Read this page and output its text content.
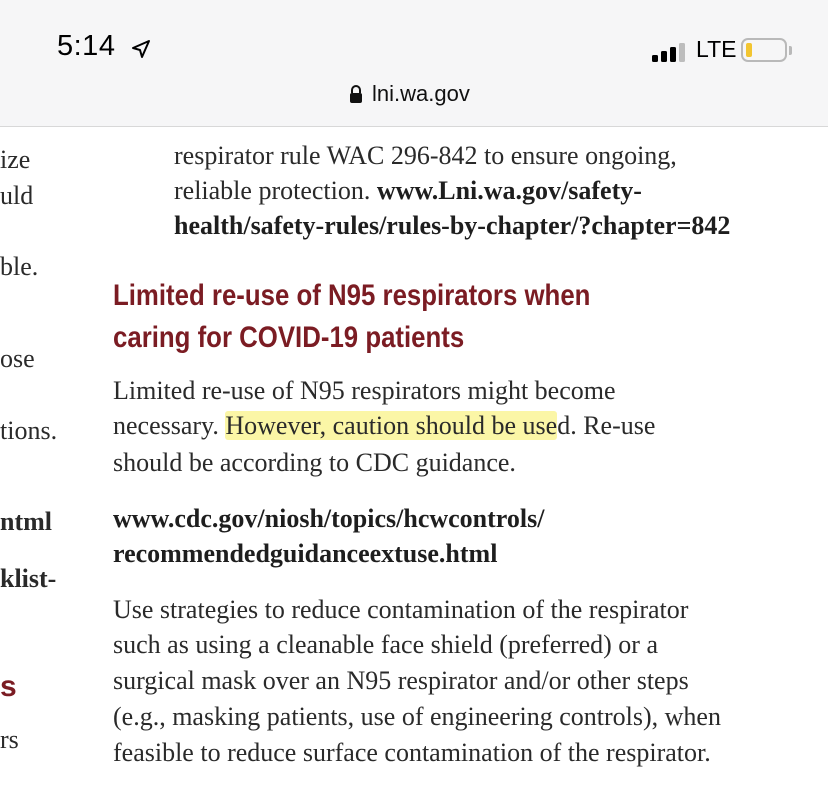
ize
uld
ble.
ose
tions.
ntml
klist-
s
rs
respirator rule WAC 296-842 to ensure ongoing,
reliable protection. www.Lni.wa.gov/safety-
health/safety-rules/rules-by-chapter/?chapter=842
Limited re-use of N95 respirators when
caring for COVID-19 patients
Limited re-use of N95 respirators might become
necessary. However, caution should be used. Re-use
should be according to CDC guidance.
www.cdc.gov/niosh/topics/hcwcontrols/
recommendedguidanceextuse.html
Use strategies to reduce contamination of the respirator
such as using a cleanable face shield (preferred) or a
surgical mask over an N95 respirator and/or other steps
(e.g., masking patients, use of engineering controls), when
feasible to reduce surface contamination of the respirator.
5:14	LTE
lni.wa.gov
